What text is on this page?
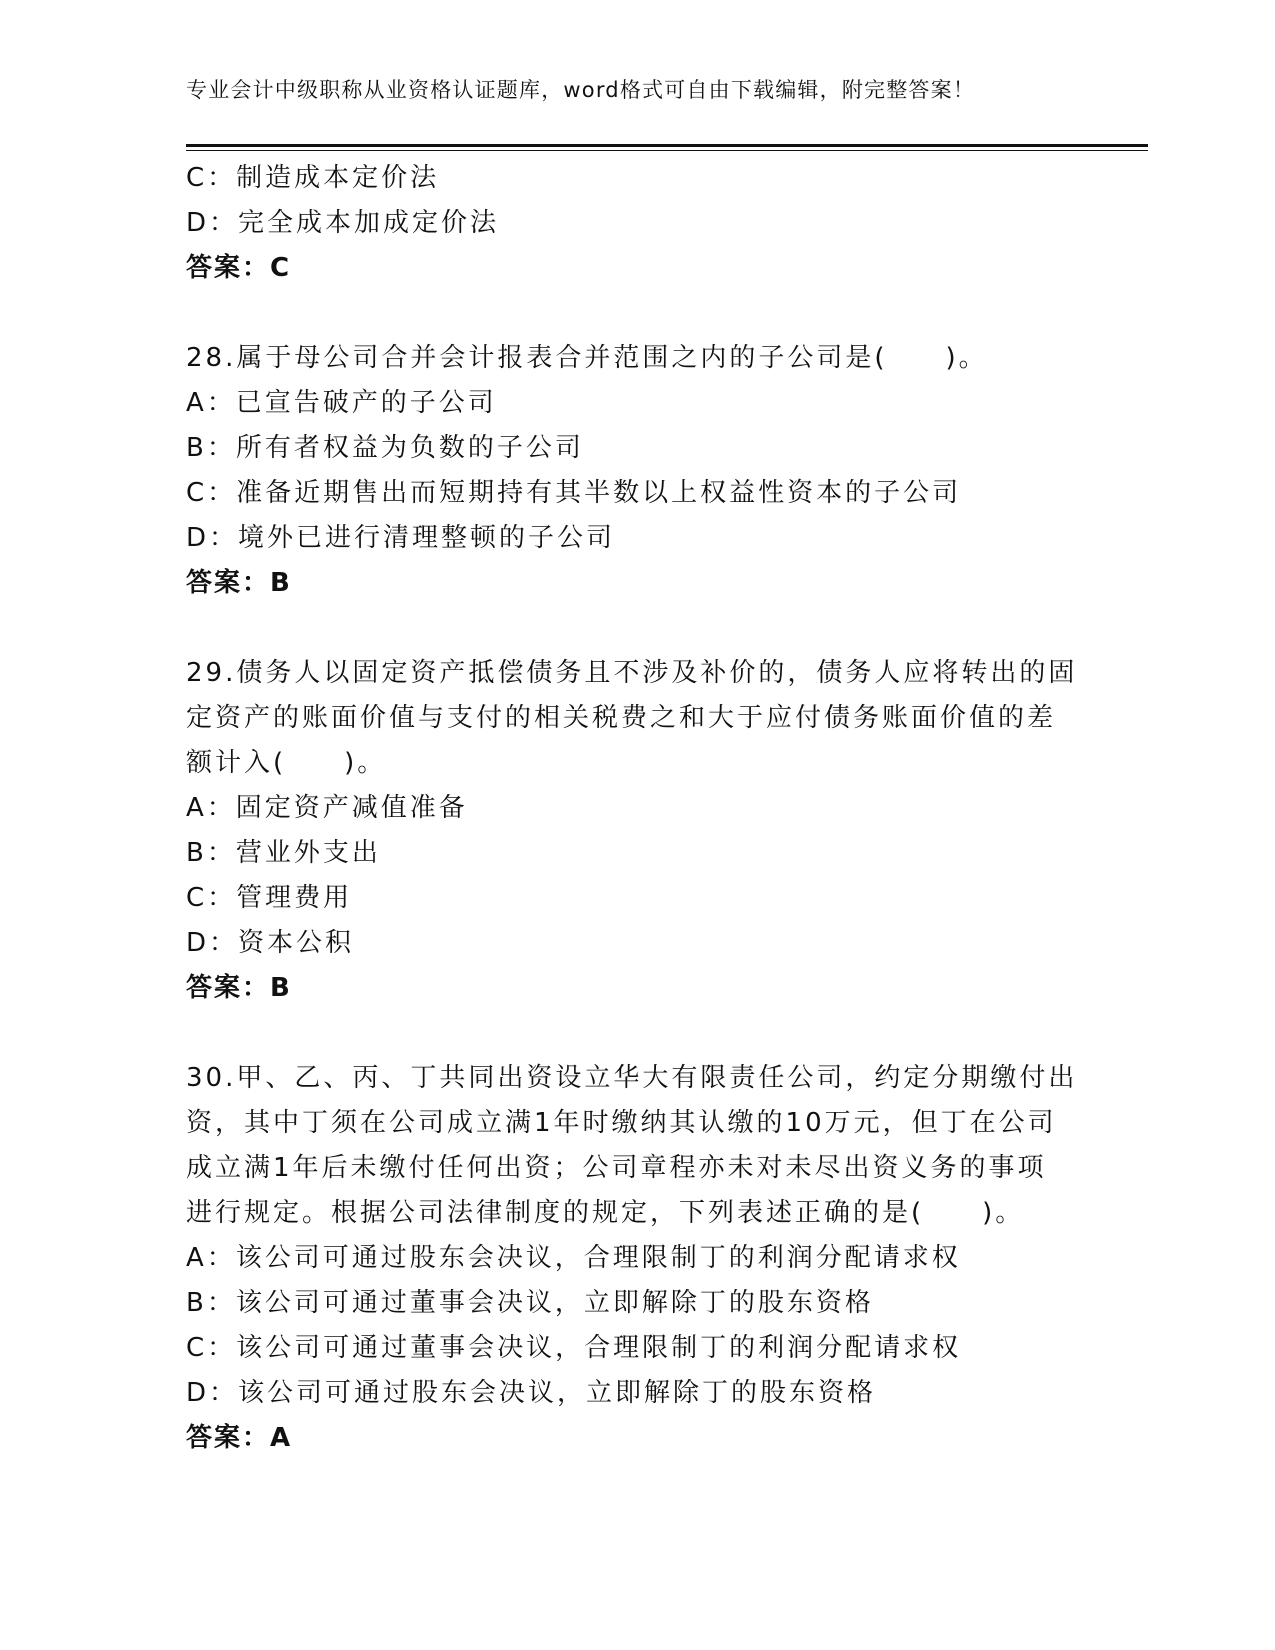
专业会计中级职称从业资格认证题库，word格式可自由下载编辑，附完整答案！
C：制造成本定价法
D：完全成本加成定价法
答案：C
28.属于母公司合并会计报表合并范围之内的子公司是(　　)。
A：已宣告破产的子公司
B：所有者权益为负数的子公司
C：准备近期售出而短期持有其半数以上权益性资本的子公司
D：境外已进行清理整顿的子公司
答案：B
29.债务人以固定资产抵偿债务且不涉及补价的，债务人应将转出的固
定资产的账面价值与支付的相关税费之和大于应付债务账面价值的差
额计入(　　)。
A：固定资产减值准备
B：营业外支出
C：管理费用
D：资本公积
答案：B
30.甲、乙、丙、丁共同出资设立华大有限责任公司，约定分期缴付出
资，其中丁须在公司成立满1年时缴纳其认缴的10万元，但丁在公司
成立满1年后未缴付任何出资；公司章程亦未对未尽出资义务的事项
进行规定。根据公司法律制度的规定，下列表述正确的是(　　)。
A：该公司可通过股东会决议，合理限制丁的利润分配请求权
B：该公司可通过董事会决议，立即解除丁的股东资格
C：该公司可通过董事会决议，合理限制丁的利润分配请求权
D：该公司可通过股东会决议，立即解除丁的股东资格
答案：A
